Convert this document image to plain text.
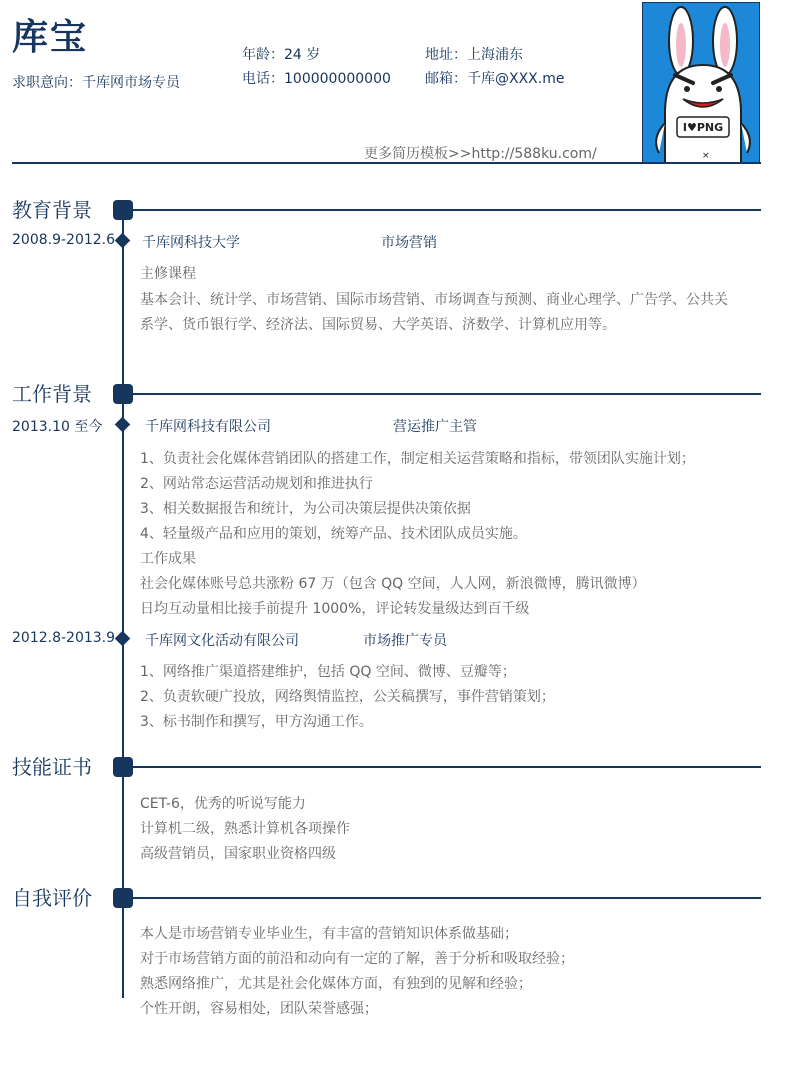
库宝
求职意向：千库网市场专员
年龄：24 岁
电话：100000000000
地址：上海浦东
邮箱：千库@XXX.me
更多简历模板>>http://588ku.com/
I♥PNG
×
教育背景
2008.9-2012.6 千库网科技大学	市场营销
主修课程
基本会计、统计学、市场营销、国际市场营销、市场调查与预测、商业心理学、广告学、公共关
系学、货币银行学、经济法、国际贸易、大学英语、济数学、计算机应用等。
工作背景
2013.10 至今	千库网科技有限公司	营运推广主管
1、负责社会化媒体营销团队的搭建工作，制定相关运营策略和指标，带领团队实施计划；
2、网站常态运营活动规划和推进执行
3、相关数据报告和统计，为公司决策层提供决策依据
4、轻量级产品和应用的策划，统筹产品、技术团队成员实施。
工作成果
社会化媒体账号总共涨粉 67 万（包含 QQ 空间，人人网，新浪微博，腾讯微博）
日均互动量相比接手前提升 1000%，评论转发量级达到百千级
2012.8-2013.9 千库网文化活动有限公司	市场推广专员
1、网络推广渠道搭建维护，包括 QQ 空间、微博、豆瓣等；
2、负责软硬广投放，网络舆情监控，公关稿撰写，事件营销策划；
3、标书制作和撰写，甲方沟通工作。
技能证书
CET-6，优秀的听说写能力
计算机二级，熟悉计算机各项操作
高级营销员，国家职业资格四级
自我评价
本人是市场营销专业毕业生，有丰富的营销知识体系做基础；
对于市场营销方面的前沿和动向有一定的了解，善于分析和吸取经验；
熟悉网络推广，尤其是社会化媒体方面，有独到的见解和经验；
个性开朗，容易相处，团队荣誉感强；
